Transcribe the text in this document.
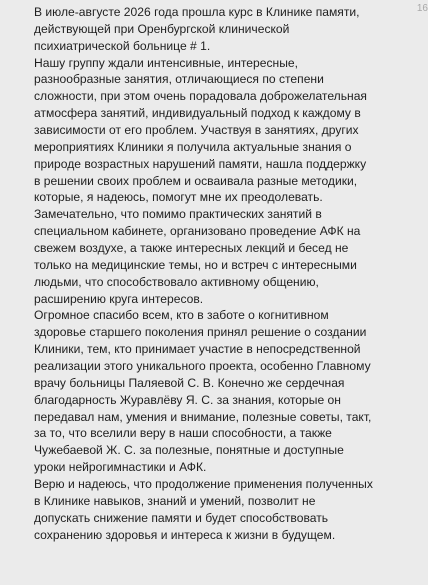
В июле-августе 2026 года прошла курс в Клинике памяти,
действующей при Оренбургской клинической
психиатрической больнице # 1.
Нашу группу ждали интенсивные, интересные,
разнообразные занятия, отличающиеся по степени
сложности, при этом очень порадовала доброжелательная
атмосфера занятий, индивидуальный подход к каждому в
зависимости от его проблем. Участвуя в занятиях, других
мероприятиях Клиники я получила актуальные знания о
природе возрастных нарушений памяти, нашла поддержку
в решении своих проблем и осваивала разные методики,
которые, я надеюсь, помогут мне их преодолевать.
Замечательно, что помимо практических занятий в
специальном кабинете, организовано проведение АФК на
свежем воздухе, а также интересных лекций и бесед не
только на медицинские темы, но и встреч с интересными
людьми, что способствовало активному общению,
расширению круга интересов.
Огромное спасибо всем, кто в заботе о когнитивном
здоровье старшего поколения принял решение о создании
Клиники, тем, кто принимает участие в непосредственной
реализации этого уникального проекта, особенно Главному
врачу больницы Паляевой С. В. Конечно же сердечная
благодарность Журавлёву Я. С. за знания, которые он
передавал нам, умения и внимание, полезные советы, такт,
за то, что вселили веру в наши способности, а также
Чужебаевой Ж. С. за полезные, понятные и доступные
уроки нейрогимнастики и АФК.
Верю и надеюсь, что продолжение применения полученных
в Клинике навыков, знаний и умений, позволит не
допускать снижение памяти и будет способствовать
сохранению здоровья и интереса к жизни в будущем.
16
